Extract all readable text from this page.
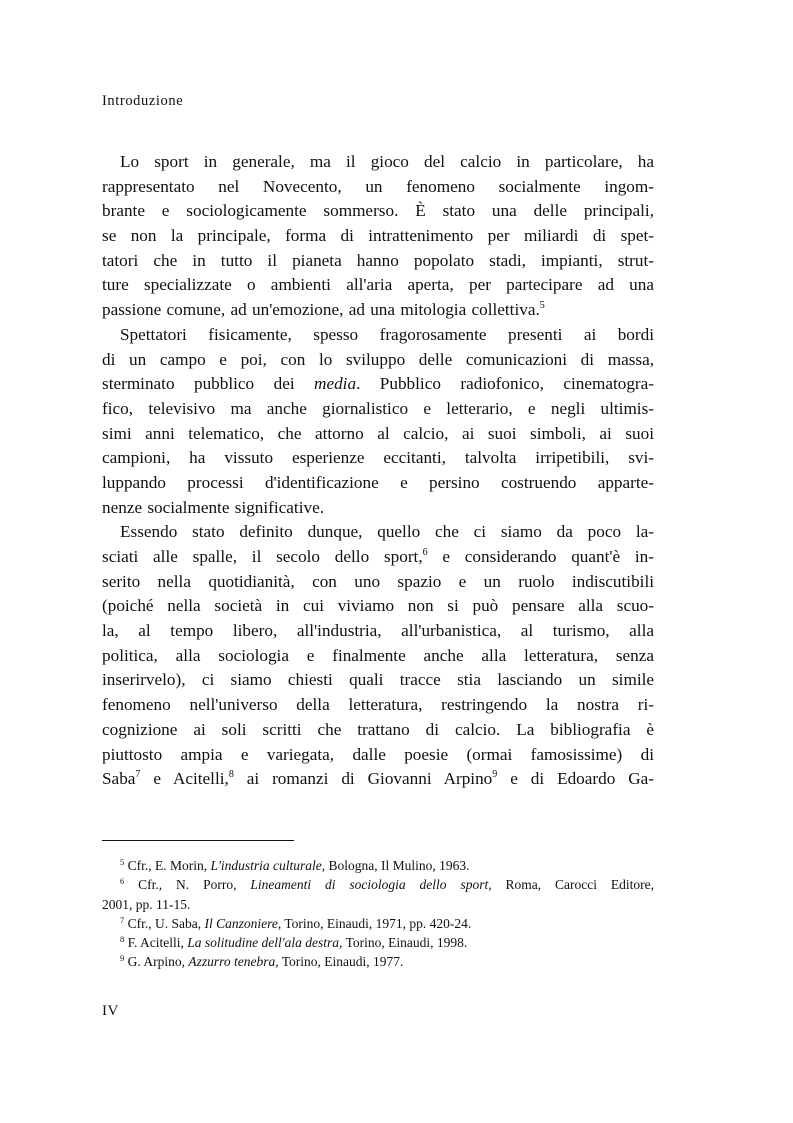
Introduzione
Lo sport in generale, ma il gioco del calcio in particolare, ha
rappresentato nel Novecento, un fenomeno socialmente ingom-
brante e sociologicamente sommerso. È stato una delle principali,
se non la principale, forma di intrattenimento per miliardi di spet-
tatori che in tutto il pianeta hanno popolato stadi, impianti, strut-
ture specializzate o ambienti all'aria aperta, per partecipare ad una
passione comune, ad un'emozione, ad una mitologia collettiva.$^5$
Spettatori fisicamente, spesso fragorosamente presenti ai bordi
di un campo e poi, con lo sviluppo delle comunicazioni di massa,
sterminato pubblico dei media. Pubblico radiofonico, cinematogra-
fico, televisivo ma anche giornalistico e letterario, e negli ultimis-
simi anni telematico, che attorno al calcio, ai suoi simboli, ai suoi
campioni, ha vissuto esperienze eccitanti, talvolta irripetibili, svi-
luppando processi d'identificazione e persino costruendo apparte-
nenze socialmente significative.
Essendo stato definito dunque, quello che ci siamo da poco la-
sciati alle spalle, il secolo dello sport,$^6$ e considerando quant'è in-
serito nella quotidianità, con uno spazio e un ruolo indiscutibili
(poiché nella società in cui viviamo non si può pensare alla scuo-
la, al tempo libero, all'industria, all'urbanistica, al turismo, alla
politica, alla sociologia e finalmente anche alla letteratura, senza
inserirvelo), ci siamo chiesti quali tracce stia lasciando un simile
fenomeno nell'universo della letteratura, restringendo la nostra ri-
cognizione ai soli scritti che trattano di calcio. La bibliografia è
piuttosto ampia e variegata, dalle poesie (ormai famosissime) di
Saba$^7$ e Acitelli,$^8$ ai romanzi di Giovanni Arpino$^9$ e di Edoardo Ga-
$^5$ Cfr., E. Morin, L'industria culturale, Bologna, Il Mulino, 1963.
$^6$ Cfr., N. Porro, Lineamenti di sociologia dello sport, Roma, Carocci Editore,
2001, pp. 11-15.
$^7$ Cfr., U. Saba, Il Canzoniere, Torino, Einaudi, 1971, pp. 420-24.
$^8$ F. Acitelli, La solitudine dell'ala destra, Torino, Einaudi, 1998.
$^9$ G. Arpino, Azzurro tenebra, Torino, Einaudi, 1977.
IV
